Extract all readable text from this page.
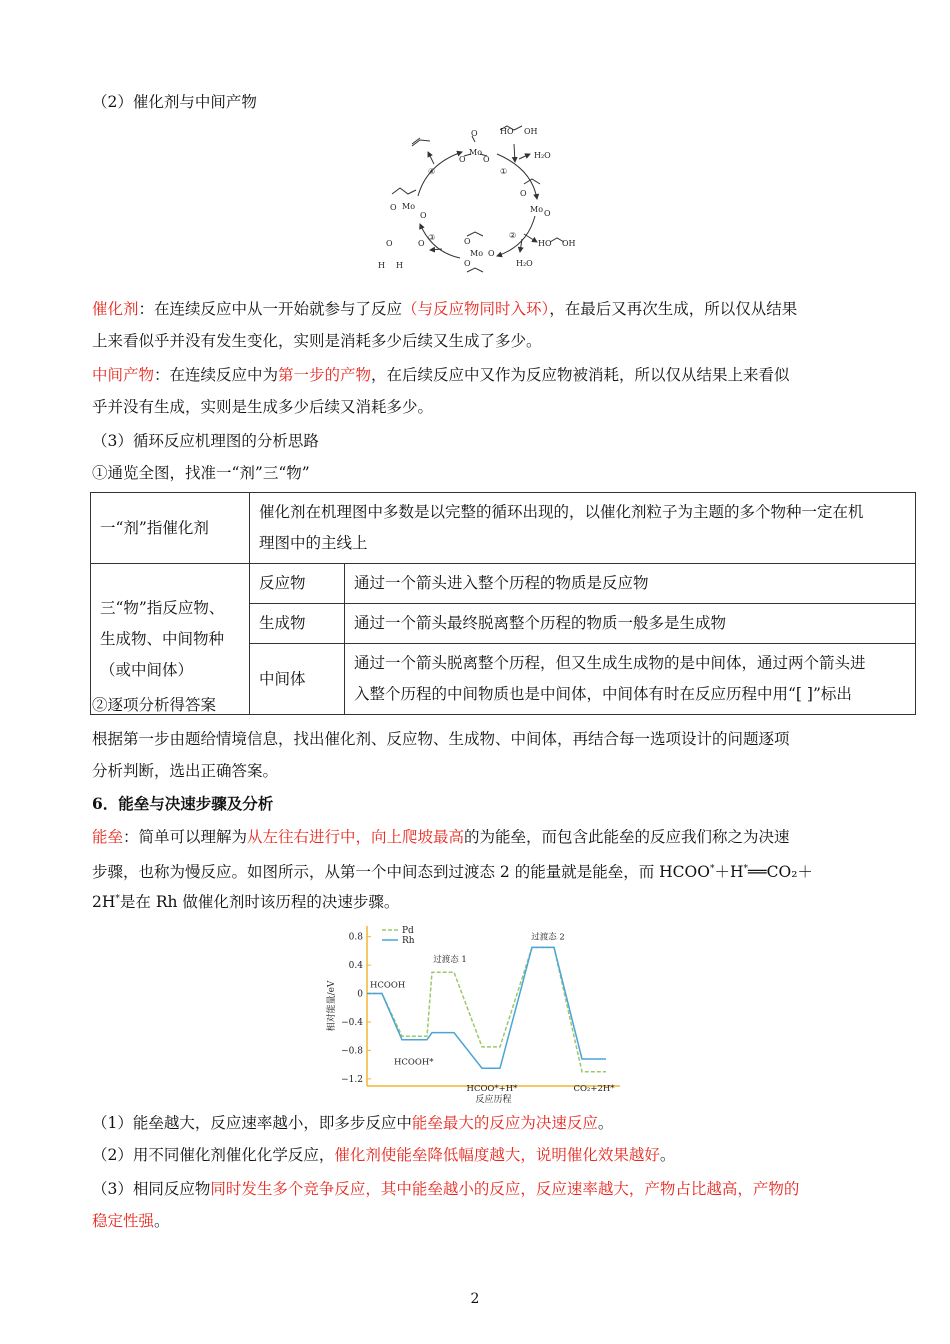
（2）催化剂与中间产物
①
②
③
④
Mo
O
O O
HO OH
H₂O
Mo
O
O
Mo O
O
Mo O
O
O
HO OH
H₂O
H H
O	O
催化剂：在连续反应中从一开始就参与了反应（与反应物同时入环），在最后又再次生成，所以仅从结果
上来看似乎并没有发生变化，实则是消耗多少后续又生成了多少。
中间产物：在连续反应中为第一步的产物，在后续反应中又作为反应物被消耗，所以仅从结果上来看似
乎并没有生成，实则是生成多少后续又消耗多少。
（3）循环反应机理图的分析思路
①通览全图，找准一“剂”三“物”
一“剂”指催化剂	催化剂在机理图中多数是以完整的循环出现的，以催化剂粒子为主题的多个物种一定在机
理图中的主线上	
三“物”指反应物、
生成物、中间物种
（或中间体）	反应物	通过一个箭头进入整个历程的物质是反应物
	生成物	通过一个箭头最终脱离整个历程的物质一般多是生成物
	中间体	通过一个箭头脱离整个历程，但又生成生成物的是中间体，通过两个箭头进
入整个历程的中间物质也是中间体，中间体有时在反应历程中用“[ ]”标出
②逐项分析得答案
根据第一步由题给情境信息，找出催化剂、反应物、生成物、中间体，再结合每一选项设计的问题逐项
分析判断，选出正确答案。
6．能垒与决速步骤及分析
能垒：简单可以理解为从左往右进行中，向上爬坡最高的为能垒，而包含此能垒的反应我们称之为决速
步骤，也称为慢反应。如图所示，从第一个中间态到过渡态 2 的能量就是能垒，而 HCOO*＋H*══CO₂＋
2H*是在 Rh 做催化剂时该历程的决速步骤。
0.8
0.4
0
−0.4
−0.8
−1.2
相对能量/eV
反应历程
Pd
Rh
HCOOH
HCOOH*
过渡态 1
HCOO*+H*
过渡态 2
CO₂+2H*
（1）能垒越大，反应速率越小，即多步反应中能垒最大的反应为决速反应。
（2）用不同催化剂催化化学反应，催化剂使能垒降低幅度越大，说明催化效果越好。
（3）相同反应物同时发生多个竞争反应，其中能垒越小的反应，反应速率越大，产物占比越高，产物的
稳定性强。
2
